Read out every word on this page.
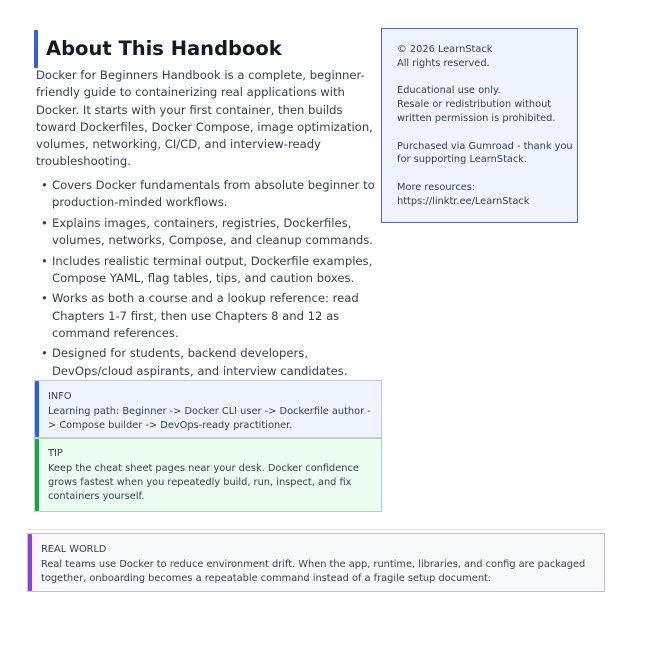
About This Handbook

Docker for Beginners Handbook is a complete, beginner-friendly guide to containerizing real applications with Docker. It starts with your first container, then builds toward Dockerfiles, Docker Compose, image optimization, volumes, networking, CI/CD, and interview-ready troubleshooting.

• Covers Docker fundamentals from absolute beginner to production-minded workflows.
• Explains images, containers, registries, Dockerfiles, volumes, networks, Compose, and cleanup commands.
• Includes realistic terminal output, Dockerfile examples, Compose YAML, flag tables, tips, and caution boxes.
• Works as both a course and a lookup reference: read Chapters 1-7 first, then use Chapters 8 and 12 as command references.
• Designed for students, backend developers, DevOps/cloud aspirants, and interview candidates.

© 2026 LearnStack
All rights reserved.

Educational use only.
Resale or redistribution without written permission is prohibited.

Purchased via Gumroad - thank you for supporting LearnStack.

More resources:
https://linktr.ee/LearnStack

INFO
Learning path: Beginner -> Docker CLI user -> Dockerfile author -> Compose builder -> DevOps-ready practitioner.
TIP
Keep the cheat sheet pages near your desk. Docker confidence grows fastest when you repeatedly build, run, inspect, and fix containers yourself.
REAL WORLD
Real teams use Docker to reduce environment drift. When the app, runtime, libraries, and config are packaged together, onboarding becomes a repeatable command instead of a fragile setup document.
